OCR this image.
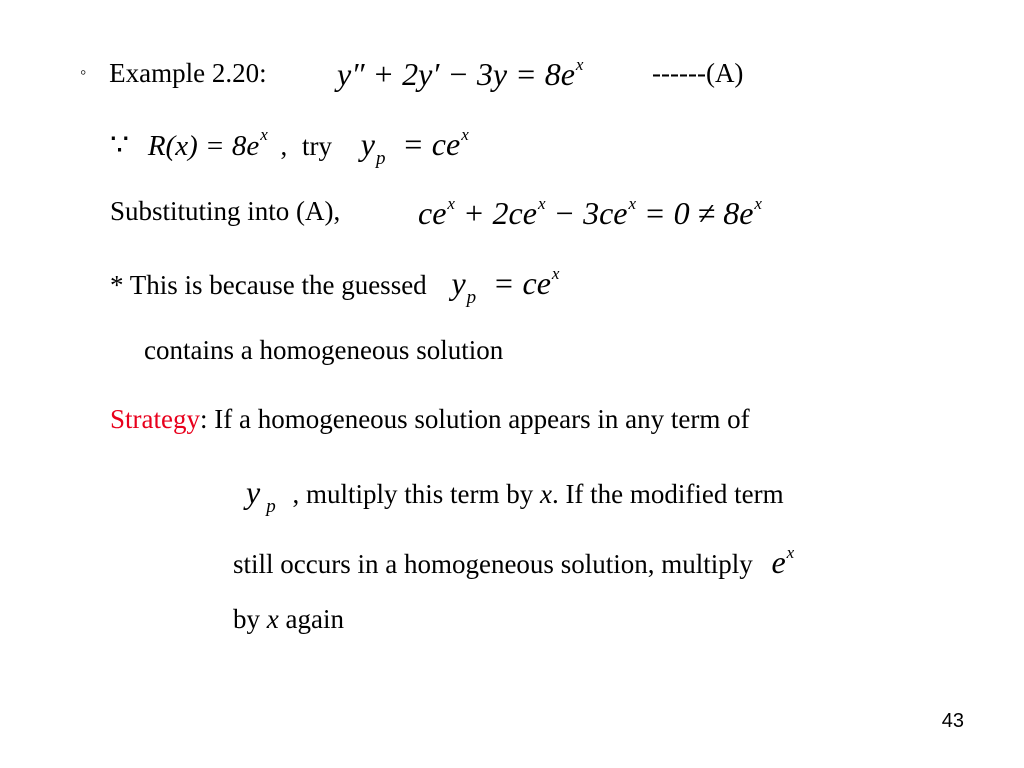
◦ Example 2.20: $y'' + 2y' - 3y = 8e^x$	------(A)
∵ $R(x) = 8e^x$ , try $y_p = ce^x$
Substituting into (A), $ce^x + 2ce^x - 3ce^x = 0 \ne 8e^x$
* This is because the guessed $y_p = ce^x$
contains a homogeneous solution
Strategy: If a homogeneous solution appears in any term of
y $_p$ , multiply this term by x. If the modified term
still occurs in a homogeneous solution, multiply $e^x$
by x again
43
